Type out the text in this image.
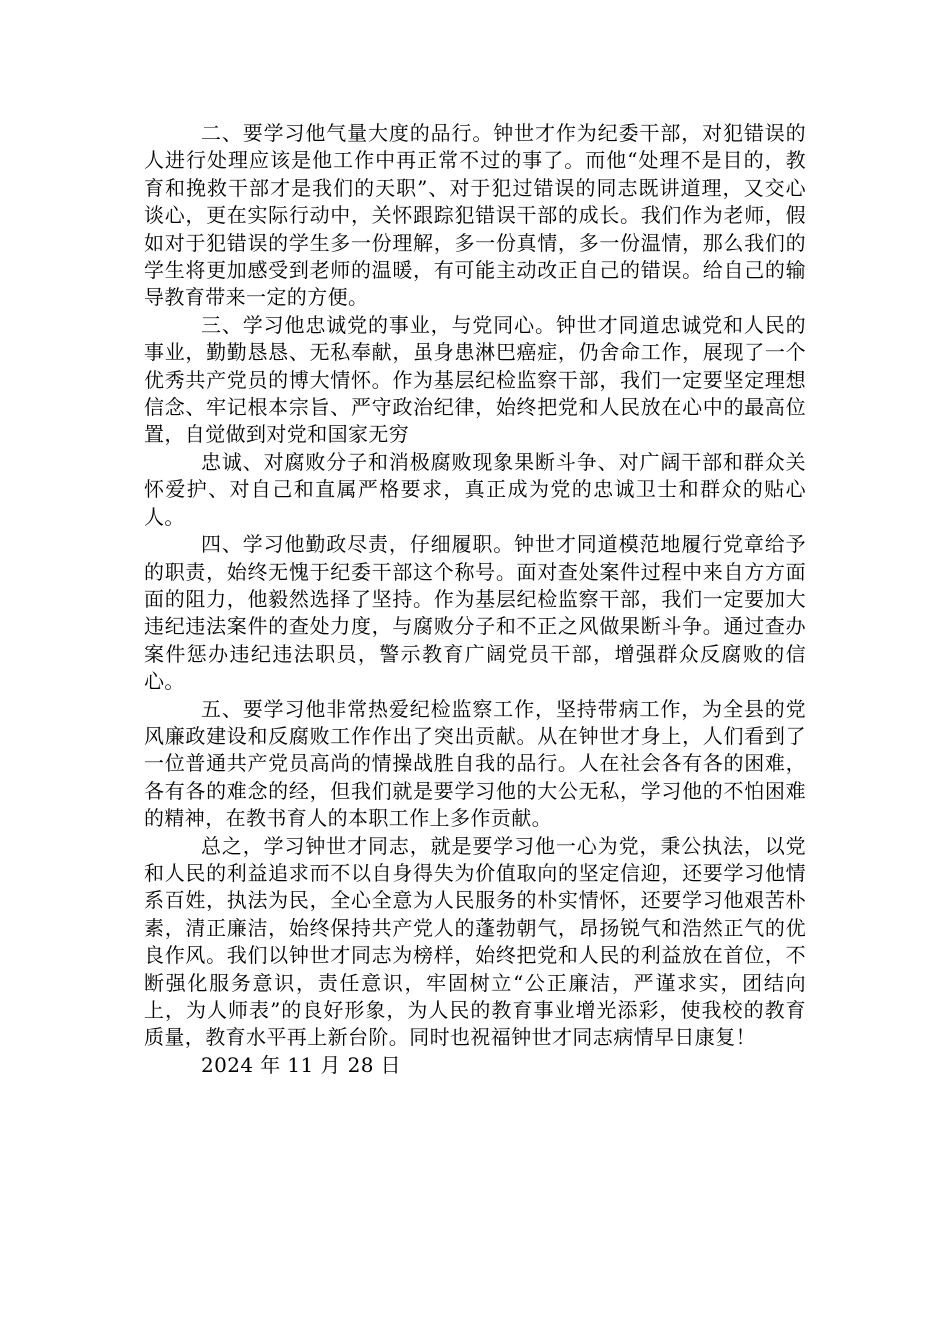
二、要学习他气量大度的品行。钟世才作为纪委干部，对犯错误的人进行处理应该是他工作中再正常不过的事了。而他“处理不是目的，教育和挽救干部才是我们的天职”、对于犯过错误的同志既讲道理，又交心谈心，更在实际行动中，关怀跟踪犯错误干部的成长。我们作为老师，假如对于犯错误的学生多一份理解，多一份真情，多一份温情，那么我们的学生将更加感受到老师的温暖，有可能主动改正自己的错误。给自己的输导教育带来一定的方便。

三、学习他忠诚党的事业，与党同心。钟世才同道忠诚党和人民的事业，勤勤恳恳、无私奉献，虽身患淋巴癌症，仍舍命工作，展现了一个优秀共产党员的博大情怀。作为基层纪检监察干部，我们一定要坚定理想信念、牢记根本宗旨、严守政治纪律，始终把党和人民放在心中的最高位置，自觉做到对党和国家无穷

忠诚、对腐败分子和消极腐败现象果断斗争、对广阔干部和群众关怀爱护、对自己和直属严格要求，真正成为党的忠诚卫士和群众的贴心人。

四、学习他勤政尽责，仔细履职。钟世才同道模范地履行党章给予的职责，始终无愧于纪委干部这个称号。面对查处案件过程中来自方方面面的阻力，他毅然选择了坚持。作为基层纪检监察干部，我们一定要加大违纪违法案件的查处力度，与腐败分子和不正之风做果断斗争。通过查办案件惩办违纪违法职员，警示教育广阔党员干部，增强群众反腐败的信心。

五、要学习他非常热爱纪检监察工作，坚持带病工作，为全县的党风廉政建设和反腐败工作作出了突出贡献。从在钟世才身上，人们看到了一位普通共产党员高尚的情操战胜自我的品行。人在社会各有各的困难，各有各的难念的经，但我们就是要学习他的大公无私，学习他的不怕困难的精神，在教书育人的本职工作上多作贡献。

总之，学习钟世才同志，就是要学习他一心为党，秉公执法，以党和人民的利益追求而不以自身得失为价值取向的坚定信迎，还要学习他情系百姓，执法为民，全心全意为人民服务的朴实情怀，还要学习他艰苦朴素，清正廉洁，始终保持共产党人的蓬勃朝气，昂扬锐气和浩然正气的优良作风。我们以钟世才同志为榜样，始终把党和人民的利益放在首位，不断强化服务意识，责任意识，牢固树立“公正廉洁，严谨求实，团结向上，为人师表”的良好形象，为人民的教育事业增光添彩，使我校的教育质量，教育水平再上新台阶。同时也祝福钟世才同志病情早日康复！

2024 年 11 月 28 日
